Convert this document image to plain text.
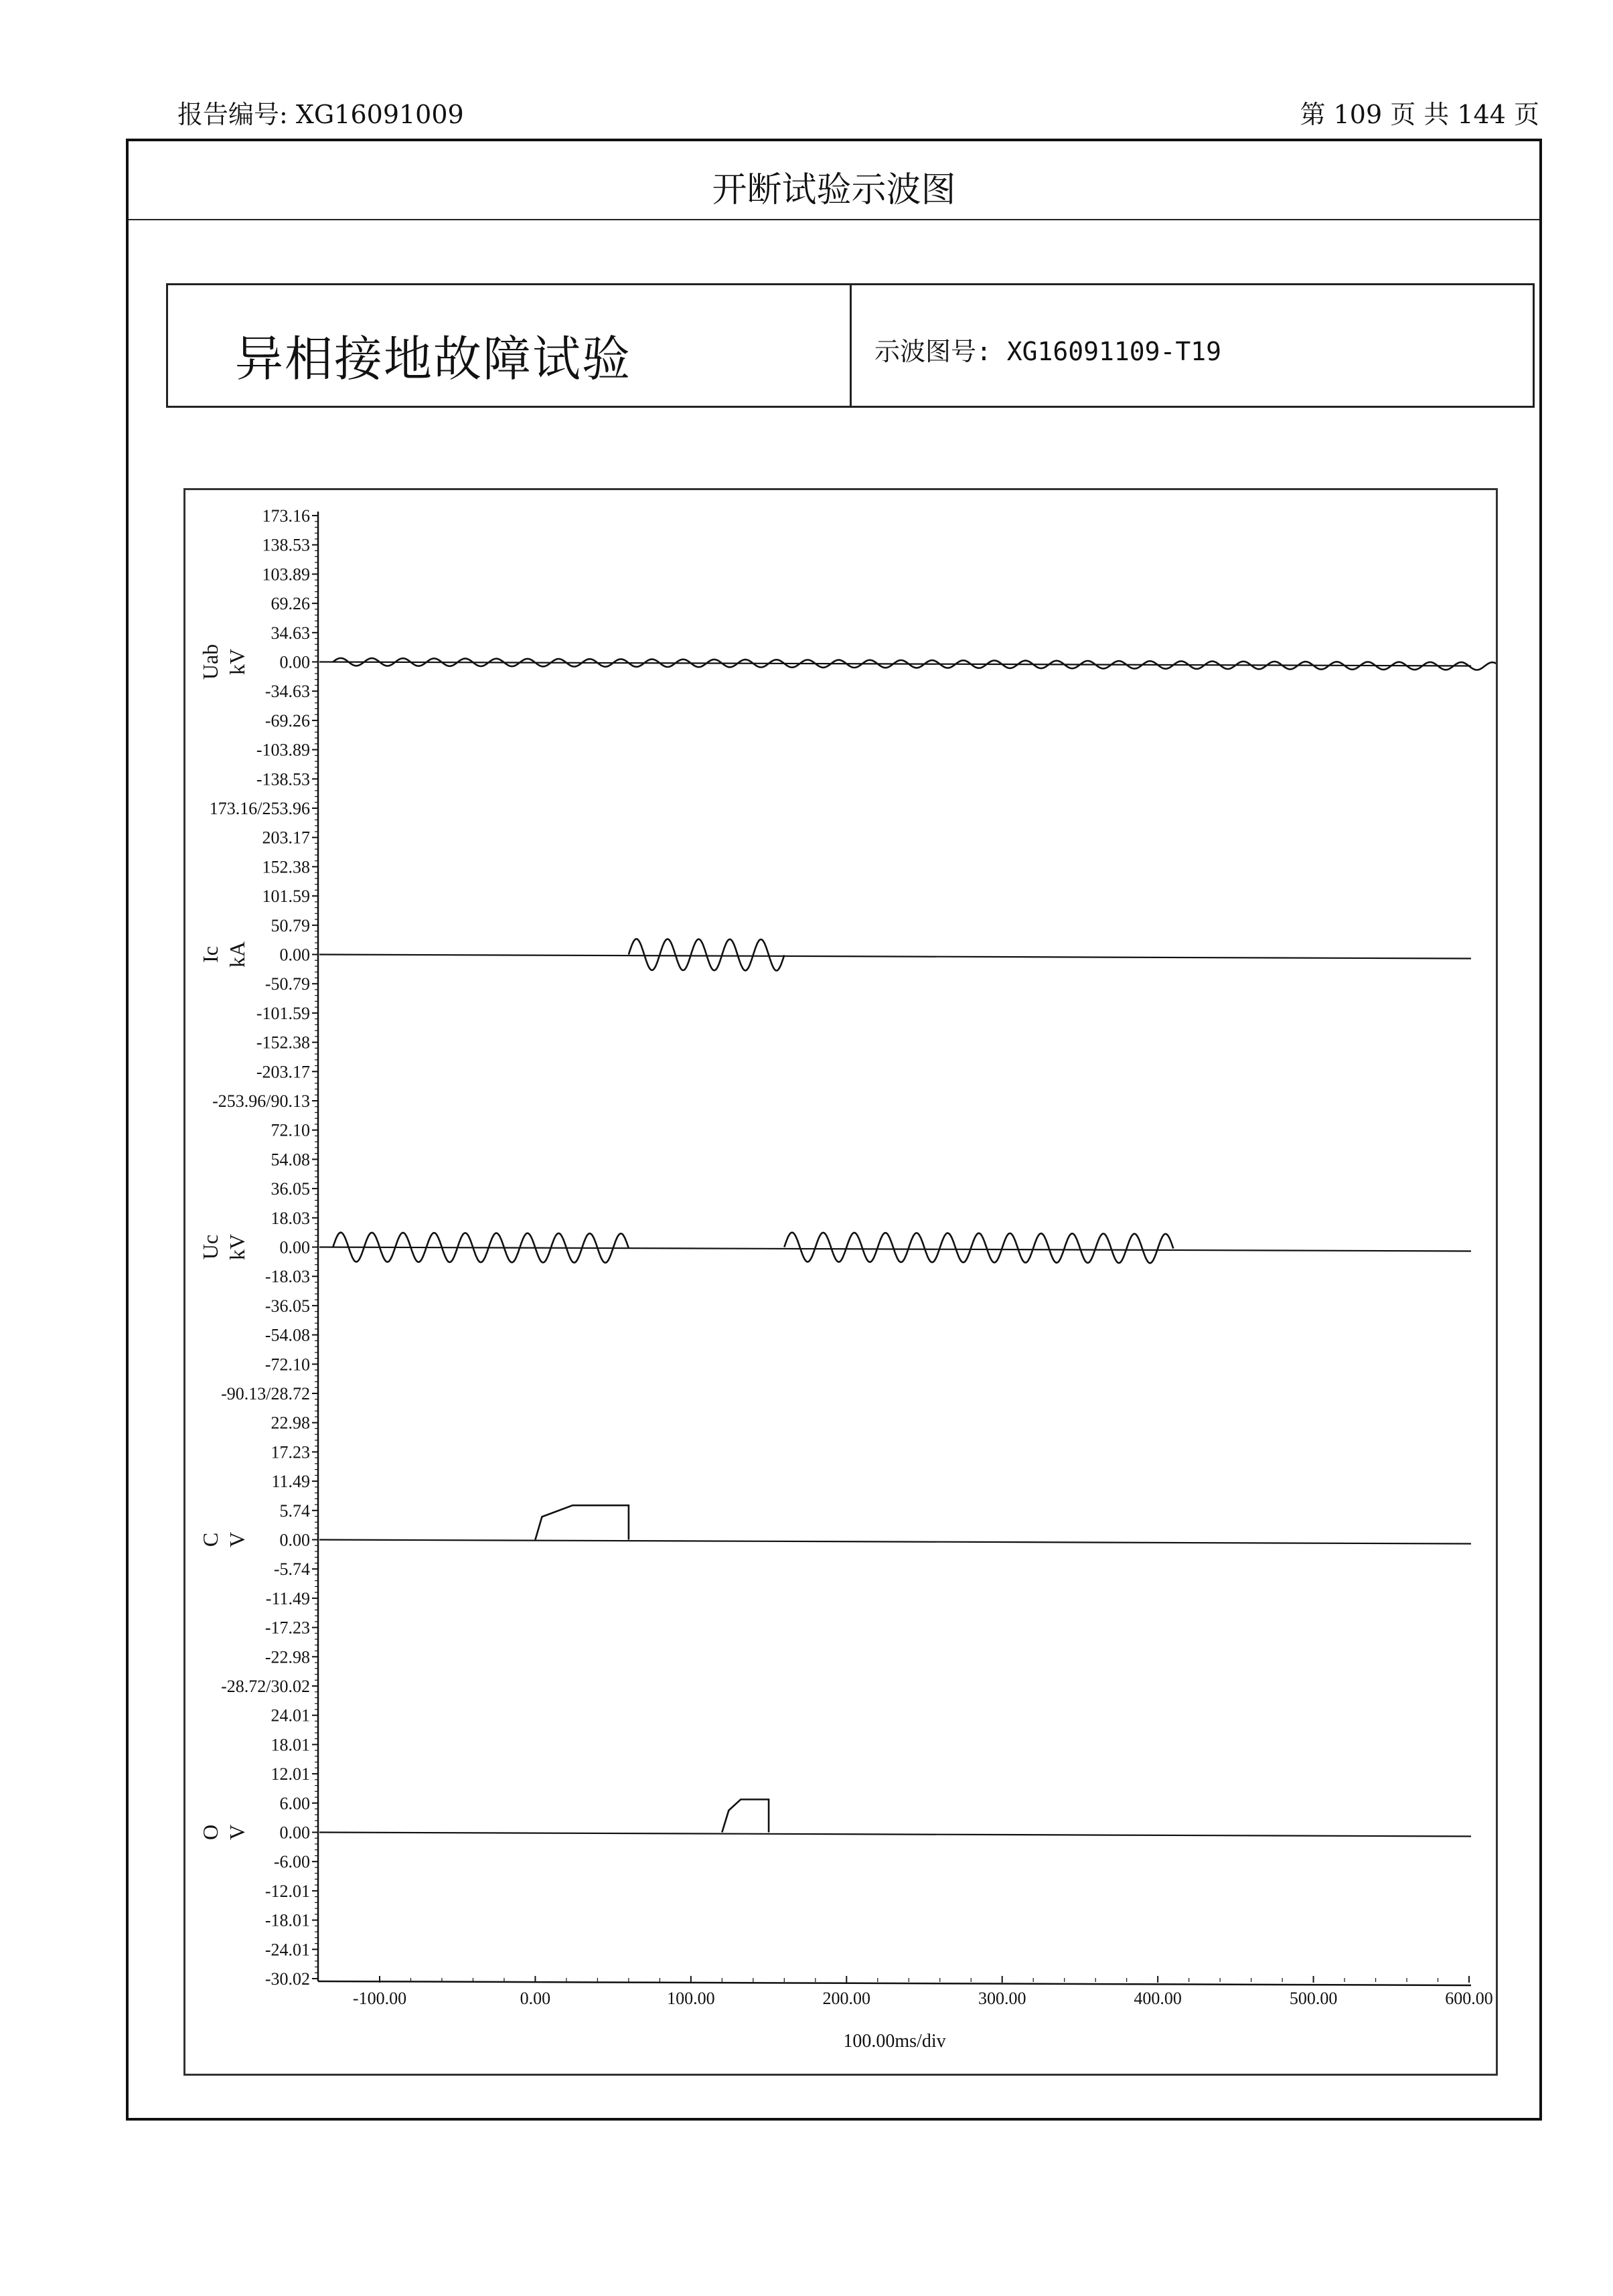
报告编号: XG16091009	第 109 页 共 144 页
开断试验示波图
异相接地故障试验	示波图号: XG16091109-T19
173.16
138.53
103.89
69.26
34.63
0.00
-34.63
-69.26
-103.89
-138.53
173.16/253.96
Uab kV
203.17
152.38
101.59
50.79
0.00
-50.79
-101.59
-152.38
-203.17
-253.96/90.13
Ic kA
72.10
54.08
36.05
18.03
0.00
-18.03
-36.05
-54.08
-72.10
-90.13/28.72
Uc kV
22.98
17.23
11.49
5.74
0.00
-5.74
-11.49
-17.23
-22.98
-28.72/30.02
C V
24.01
18.01
12.01
6.00
0.00
-6.00
-12.01
-18.01
-24.01
-30.02
O V
-100.00	0.00	100.00	200.00	300.00	400.00	500.00	600.00
100.00ms/div
